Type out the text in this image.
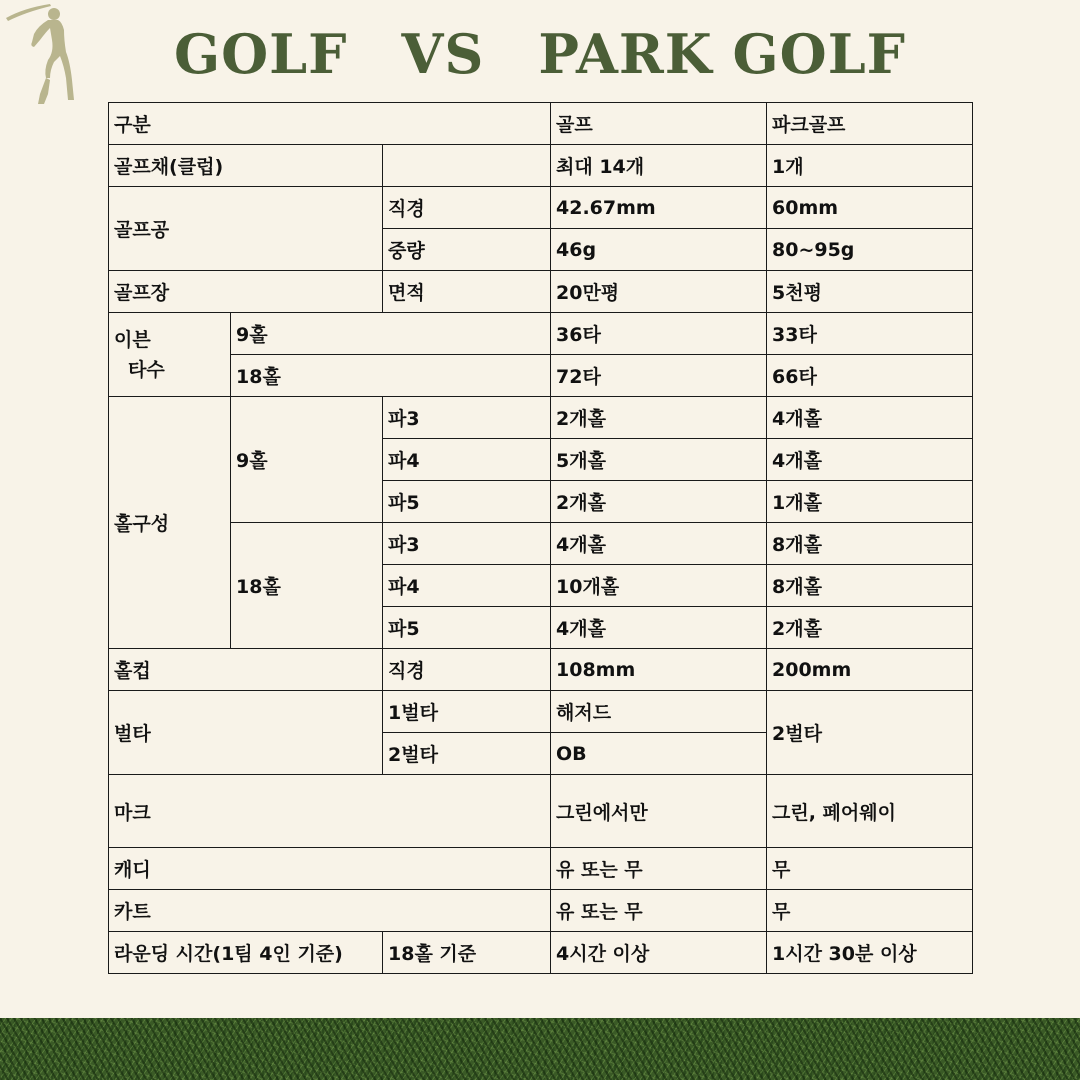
GOLF VS PARK GOLF
구분			골프	파크골프
골프채(클럽)			최대 14개	1개
골프공		직경	42.67mm	60mm
		중량	46g	80~95g
골프장		면적	20만평	5천평

이븐
타수	9홀		36타	33타
	18홀		72타	66타
홀구성	9홀	파3	2개홀	4개홀
		파4	5개홀	4개홀
		파5	2개홀	1개홀
	18홀	파3	4개홀	8개홀
		파4	10개홀	8개홀
		파5	4개홀	2개홀
홀컵		직경	108mm	200mm
벌타		1벌타	해저드	2벌타
		2벌타	OB	
마크			그린에서만	그린, 페어웨이
캐디			유 또는 무	무
카트			유 또는 무	무
라운딩 시간(1팀 4인 기준)		18홀 기준	4시간 이상	1시간 30분 이상
